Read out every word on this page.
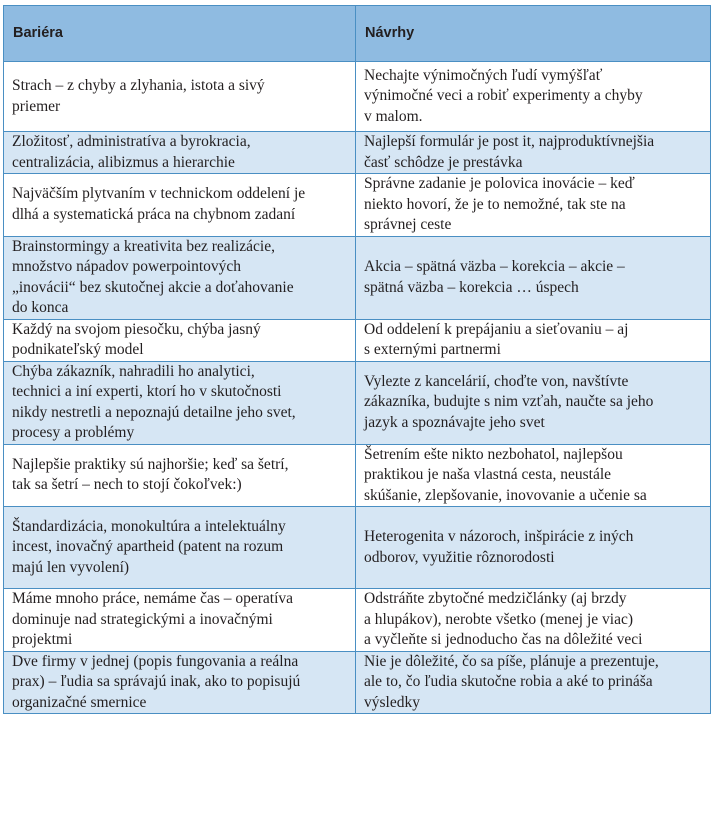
Bariéra	Návrhy

Strach – z chyby a zlyhania, istota a sivý
priemer	Nechajte výnimočných ľudí vymýšľať
výnimočné veci a robiť experimenty a chyby
v malom.

Zložitosť, administratíva a byrokracia,
centralizácia, alibizmus a hierarchie	Najlepší formulár je post it, najproduktívnejšia
časť schôdze je prestávka

Najväčším plytvaním v technickom oddelení je
dlhá a systematická práca na chybnom zadaní	Správne zadanie je polovica inovácie – keď
niekto hovorí, že je to nemožné, tak ste na
správnej ceste

Brainstormingy a kreativita bez realizácie,
množstvo nápadov powerpointových
„inovácii“ bez skutočnej akcie a doťahovanie
do konca	Akcia – spätná väzba – korekcia – akcie –
spätná väzba – korekcia … úspech

Každý na svojom piesočku, chýba jasný
podnikateľský model	Od oddelení k prepájaniu a sieťovaniu – aj
s externými partnermi

Chýba zákazník, nahradili ho analytici,
technici a iní experti, ktorí ho v skutočnosti
nikdy nestretli a nepoznajú detailne jeho svet,
procesy a problémy	Vylezte z kancelárií, choďte von, navštívte
zákazníka, budujte s nim vzťah, naučte sa jeho
jazyk a spoznávajte jeho svet

Najlepšie praktiky sú najhoršie; keď sa šetrí,
tak sa šetrí – nech to stojí čokoľvek:)	Šetrením ešte nikto nezbohatol, najlepšou
praktikou je naša vlastná cesta, neustále
skúšanie, zlepšovanie, inovovanie a učenie sa

Štandardizácia, monokultúra a intelektuálny
incest, inovačný apartheid (patent na rozum
majú len vyvolení)	Heterogenita v názoroch, inšpirácie z iných
odborov, využitie rôznorodosti

Máme mnoho práce, nemáme čas – operatíva
dominuje nad strategickými a inovačnými
projektmi	Odstráňte zbytočné medzičlánky (aj brzdy
a hlupákov), nerobte všetko (menej je viac)
a vyčleňte si jednoducho čas na dôležité veci

Dve firmy v jednej (popis fungovania a reálna
prax) – ľudia sa správajú inak, ako to popisujú
organizačné smernice	Nie je dôležité, čo sa píše, plánuje a prezentuje,
ale to, čo ľudia skutočne robia a aké to prináša
výsledky
